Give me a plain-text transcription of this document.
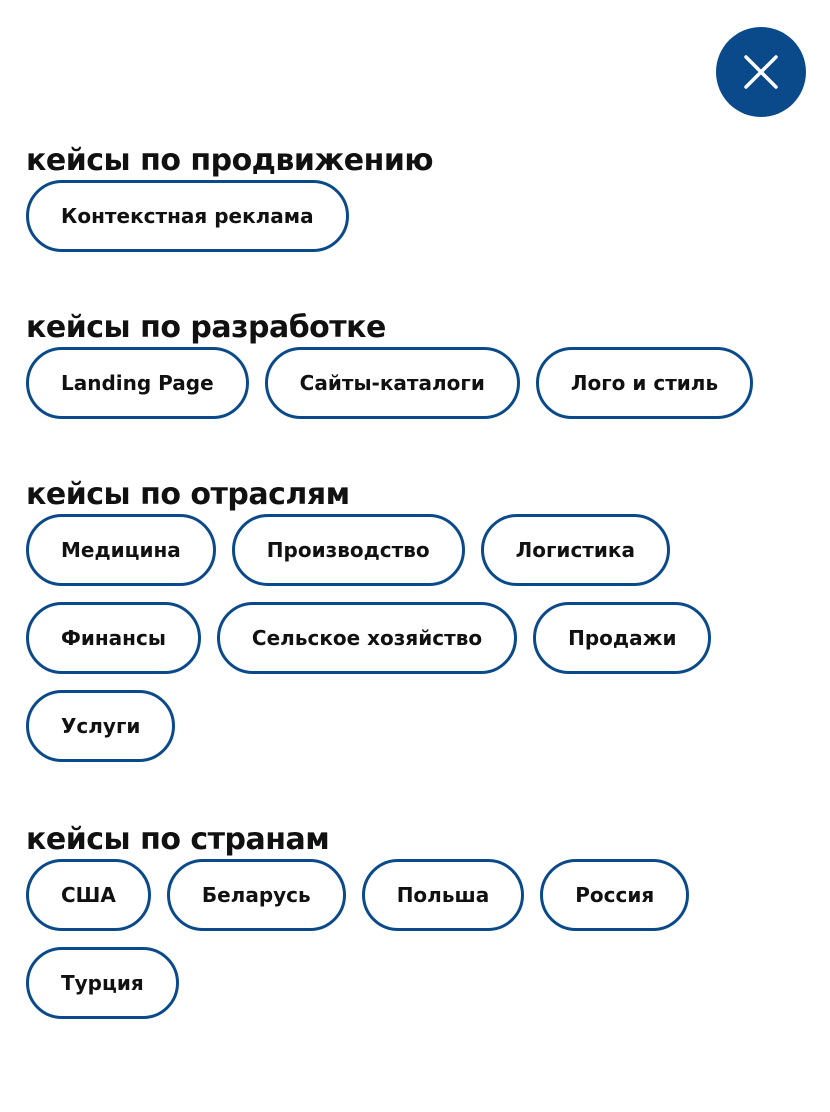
кейсы по продвижению
Контекстная реклама
кейсы по разработке
Landing Page	Сайты-каталоги	Лого и стиль
кейсы по отраслям
Медицина	Производство	Логистика
Финансы	Сельское хозяйство	Продажи
Услуги
кейсы по странам
США	Беларусь	Польша	Россия
Турция
